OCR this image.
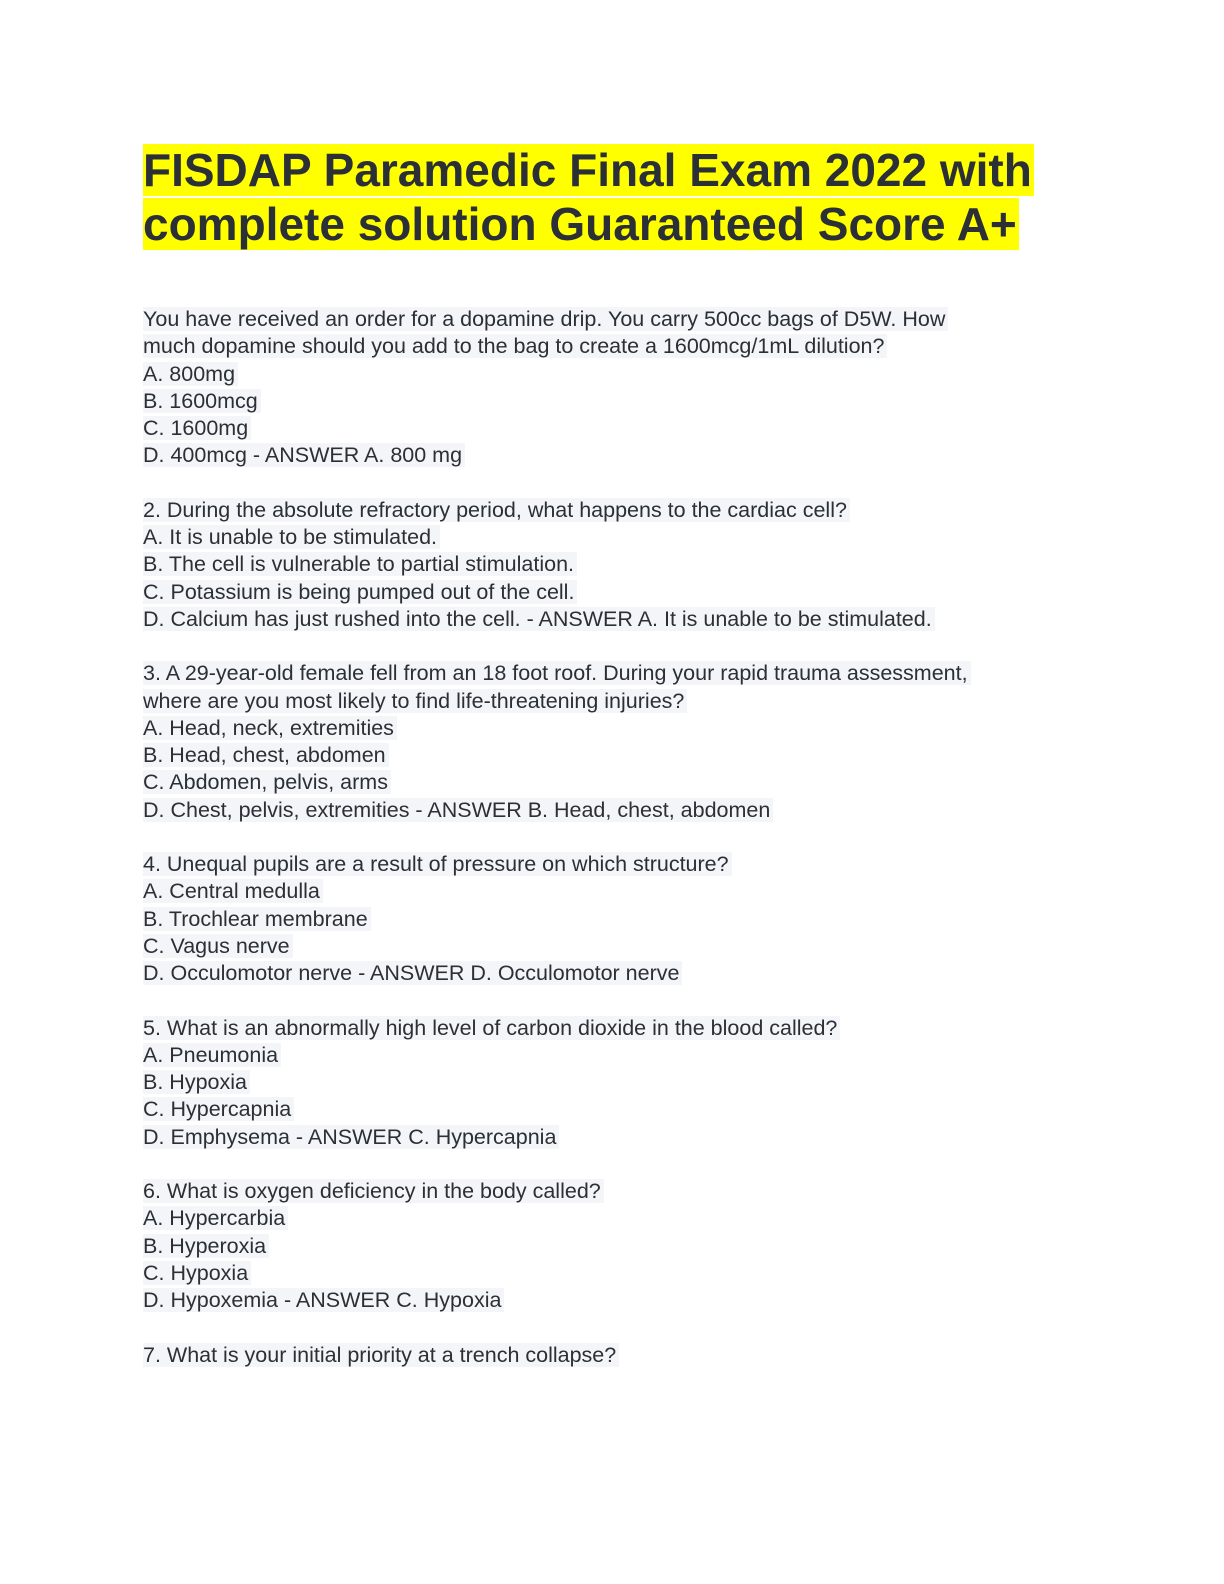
FISDAP Paramedic Final Exam 2022 with
complete solution Guaranteed Score A+
You have received an order for a dopamine drip. You carry 500cc bags of D5W. How
much dopamine should you add to the bag to create a 1600mcg/1mL dilution?
A. 800mg
B. 1600mcg
C. 1600mg
D. 400mcg - ANSWER A. 800 mg
2. During the absolute refractory period, what happens to the cardiac cell?
A. It is unable to be stimulated.
B. The cell is vulnerable to partial stimulation.
C. Potassium is being pumped out of the cell.
D. Calcium has just rushed into the cell. - ANSWER A. It is unable to be stimulated.
3. A 29-year-old female fell from an 18 foot roof. During your rapid trauma assessment,
where are you most likely to find life-threatening injuries?
A. Head, neck, extremities
B. Head, chest, abdomen
C. Abdomen, pelvis, arms
D. Chest, pelvis, extremities - ANSWER B. Head, chest, abdomen
4. Unequal pupils are a result of pressure on which structure?
A. Central medulla
B. Trochlear membrane
C. Vagus nerve
D. Occulomotor nerve - ANSWER D. Occulomotor nerve
5. What is an abnormally high level of carbon dioxide in the blood called?
A. Pneumonia
B. Hypoxia
C. Hypercapnia
D. Emphysema - ANSWER C. Hypercapnia
6. What is oxygen deficiency in the body called?
A. Hypercarbia
B. Hyperoxia
C. Hypoxia
D. Hypoxemia - ANSWER C. Hypoxia
7. What is your initial priority at a trench collapse?
